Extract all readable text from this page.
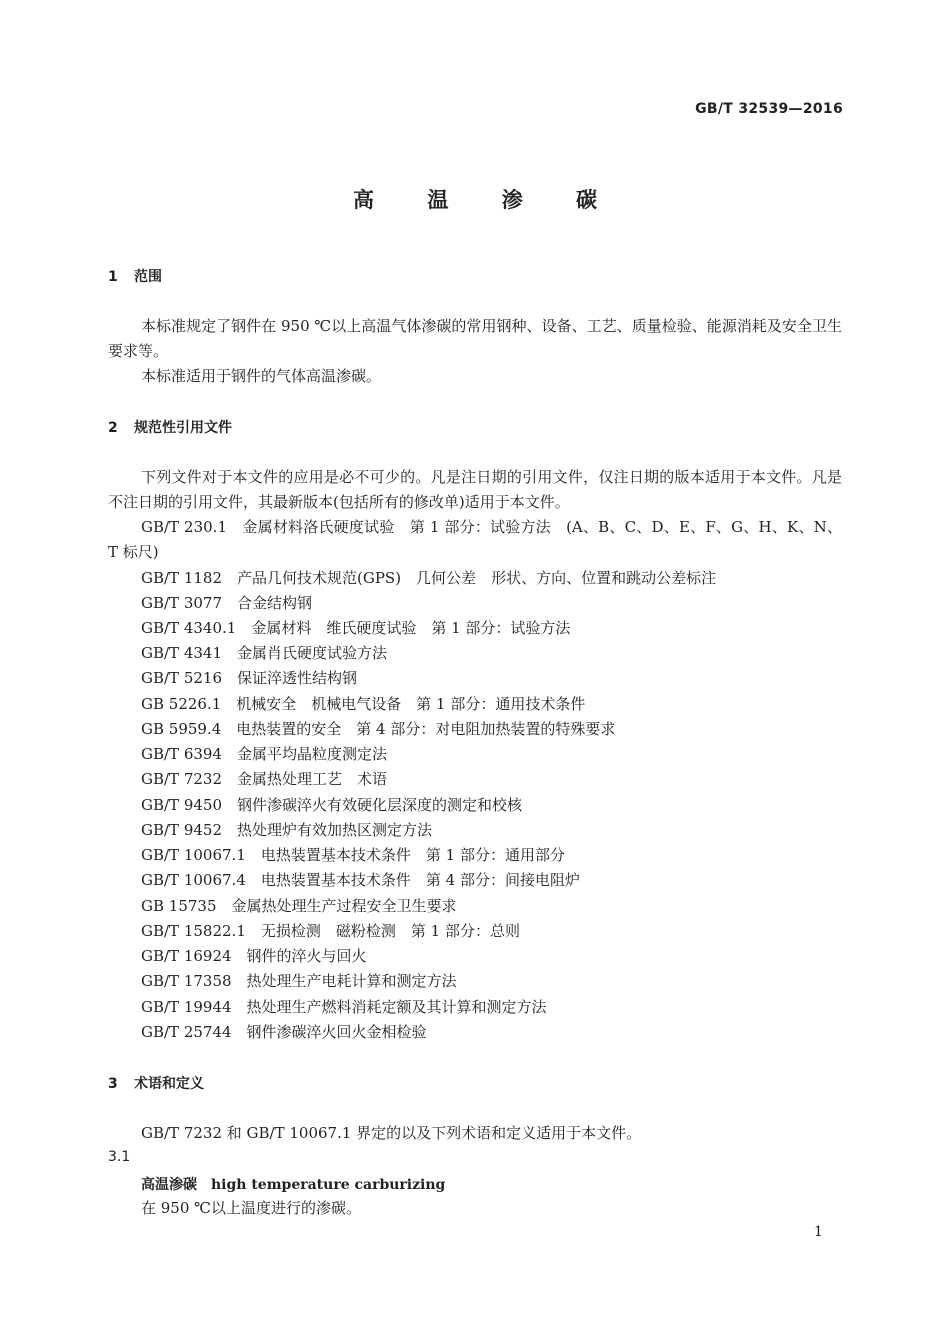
GB/T 32539—2016
高 温 渗 碳
1 范围
本标准规定了钢件在 950 ℃以上高温气体渗碳的常用钢种、设备、工艺、质量检验、能源消耗及安全卫生要求等。
本标准适用于钢件的气体高温渗碳。
2 规范性引用文件
下列文件对于本文件的应用是必不可少的。凡是注日期的引用文件，仅注日期的版本适用于本文件。凡是不注日期的引用文件，其最新版本(包括所有的修改单)适用于本文件。
GB/T 230.1　金属材料洛氏硬度试验　第 1 部分：试验方法　(A、B、C、D、E、F、G、H、K、N、T 标尺)
GB/T 1182　产品几何技术规范(GPS)　几何公差　形状、方向、位置和跳动公差标注
GB/T 3077　合金结构钢
GB/T 4340.1　金属材料　维氏硬度试验　第 1 部分：试验方法
GB/T 4341　金属肖氏硬度试验方法
GB/T 5216　保证淬透性结构钢
GB 5226.1　机械安全　机械电气设备　第 1 部分：通用技术条件
GB 5959.4　电热装置的安全　第 4 部分：对电阻加热装置的特殊要求
GB/T 6394　金属平均晶粒度测定法
GB/T 7232　金属热处理工艺　术语
GB/T 9450　钢件渗碳淬火有效硬化层深度的测定和校核
GB/T 9452　热处理炉有效加热区测定方法
GB/T 10067.1　电热装置基本技术条件　第 1 部分：通用部分
GB/T 10067.4　电热装置基本技术条件　第 4 部分：间接电阻炉
GB 15735　金属热处理生产过程安全卫生要求
GB/T 15822.1　无损检测　磁粉检测　第 1 部分：总则
GB/T 16924　钢件的淬火与回火
GB/T 17358　热处理生产电耗计算和测定方法
GB/T 19944　热处理生产燃料消耗定额及其计算和测定方法
GB/T 25744　钢件渗碳淬火回火金相检验
3 术语和定义
GB/T 7232 和 GB/T 10067.1 界定的以及下列术语和定义适用于本文件。
3.1
高温渗碳　high temperature carburizing
在 950 ℃以上温度进行的渗碳。
1
